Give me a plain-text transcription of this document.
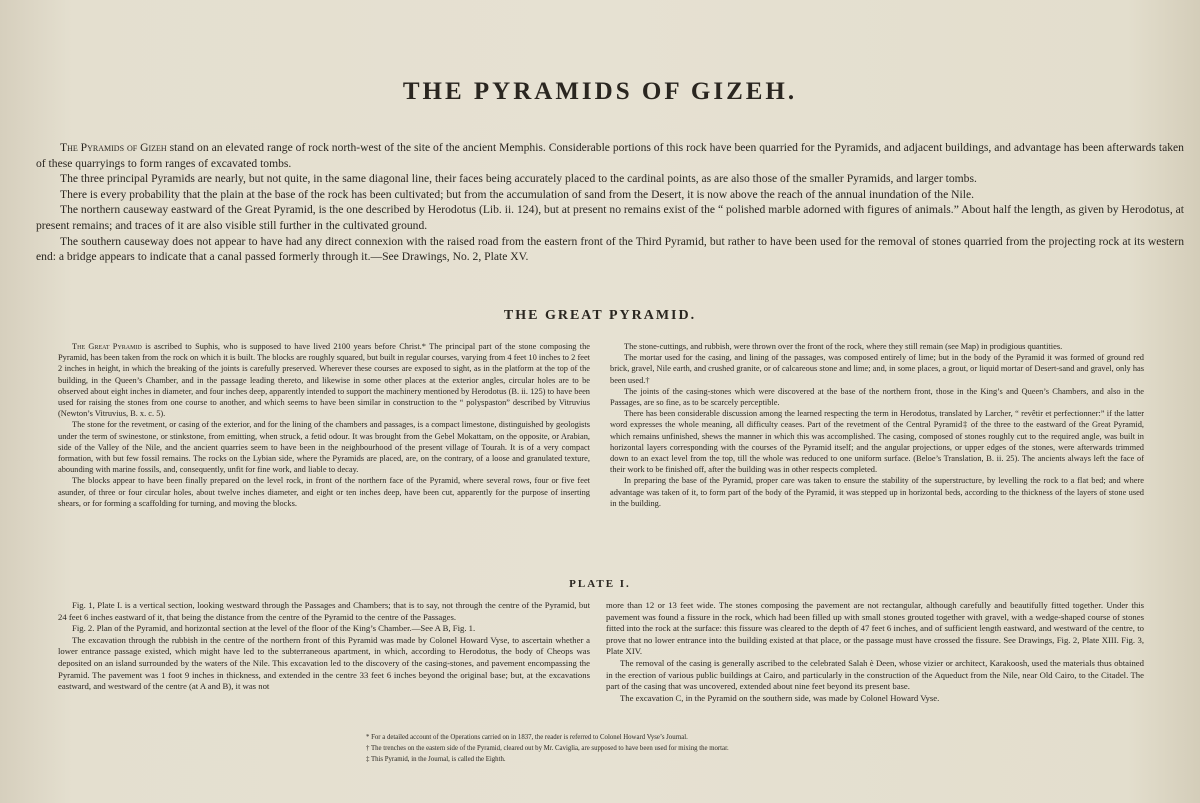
THE PYRAMIDS OF GIZEH.

The Pyramids of Gizeh stand on an elevated range of rock north-west of the site of the ancient Memphis. Considerable portions of this rock have been quarried for the Pyramids, and adjacent buildings, and advantage has been afterwards taken of these quarryings to form ranges of excavated tombs.

The three principal Pyramids are nearly, but not quite, in the same diagonal line, their faces being accurately placed to the cardinal points, as are also those of the smaller Pyramids, and larger tombs.

There is every probability that the plain at the base of the rock has been cultivated; but from the accumulation of sand from the Desert, it is now above the reach of the annual inundation of the Nile.

The northern causeway eastward of the Great Pyramid, is the one described by Herodotus (Lib. ii. 124), but at present no remains exist of the “ polished marble adorned with figures of animals.” About half the length, as given by Herodotus, at present remains; and traces of it are also visible still further in the cultivated ground.

The southern causeway does not appear to have had any direct connexion with the raised road from the eastern front of the Third Pyramid, but rather to have been used for the removal of stones quarried from the projecting rock at its western end: a bridge appears to indicate that a canal passed formerly through it.—See Drawings, No. 2, Plate XV.

THE GREAT PYRAMID.

The Great Pyramid is ascribed to Suphis, who is supposed to have lived 2100 years before Christ.* The principal part of the stone composing the Pyramid, has been taken from the rock on which it is built. The blocks are roughly squared, but built in regular courses, varying from 4 feet 10 inches to 2 feet 2 inches in height, in which the breaking of the joints is carefully preserved. Wherever these courses are exposed to sight, as in the platform at the top of the building, in the Queen’s Chamber, and in the passage leading thereto, and likewise in some other places at the exterior angles, circular holes are to be observed about eight inches in diameter, and four inches deep, apparently intended to support the machinery mentioned by Herodotus (B. ii. 125) to have been used for raising the stones from one course to another, and which seems to have been similar in construction to the “ polyspaston” described by Vitruvius (Newton’s Vitruvius, B. x. c. 5).

The stone for the revetment, or casing of the exterior, and for the lining of the chambers and passages, is a compact limestone, distinguished by geologists under the term of swinestone, or stinkstone, from emitting, when struck, a fetid odour. It was brought from the Gebel Mokattam, on the opposite, or Arabian, side of the Valley of the Nile, and the ancient quarries seem to have been in the neighbourhood of the present village of Tourah. It is of a very compact formation, with but few fossil remains. The rocks on the Lybian side, where the Pyramids are placed, are, on the contrary, of a loose and granulated texture, abounding with marine fossils, and, consequently, unfit for fine work, and liable to decay.

The blocks appear to have been finally prepared on the level rock, in front of the northern face of the Pyramid, where several rows, four or five feet asunder, of three or four circular holes, about twelve inches diameter, and eight or ten inches deep, have been cut, apparently for the purpose of inserting shears, or for forming a scaffolding for turning, and moving the blocks.

The stone-cuttings, and rubbish, were thrown over the front of the rock, where they still remain (see Map) in prodigious quantities.

The mortar used for the casing, and lining of the passages, was composed entirely of lime; but in the body of the Pyramid it was formed of ground red brick, gravel, Nile earth, and crushed granite, or of calcareous stone and lime; and, in some places, a grout, or liquid mortar of Desert-sand and gravel, only has been used.†

The joints of the casing-stones which were discovered at the base of the northern front, those in the King’s and Queen’s Chambers, and also in the Passages, are so fine, as to be scarcely perceptible.

There has been considerable discussion among the learned respecting the term in Herodotus, translated by Larcher, “ revêtir et perfectionner:” if the latter word expresses the whole meaning, all difficulty ceases. Part of the revetment of the Central Pyramid‡ of the three to the eastward of the Great Pyramid, which remains unfinished, shews the manner in which this was accomplished. The casing, composed of stones roughly cut to the required angle, was built in horizontal layers corresponding with the courses of the Pyramid itself; and the angular projections, or upper edges of the stones, were afterwards trimmed down to an exact level from the top, till the whole was reduced to one uniform surface. (Beloe’s Translation, B. ii. 25). The ancients always left the face of their work to be finished off, after the building was in other respects completed.

In preparing the base of the Pyramid, proper care was taken to ensure the stability of the superstructure, by levelling the rock to a flat bed; and where advantage was taken of it, to form part of the body of the Pyramid, it was stepped up in horizontal beds, according to the thickness of the layers of stone used in the building.

PLATE I.

Fig. 1, Plate I. is a vertical section, looking westward through the Passages and Chambers; that is to say, not through the centre of the Pyramid, but 24 feet 6 inches eastward of it, that being the distance from the centre of the Pyramid to the centre of the Passages.

Fig. 2. Plan of the Pyramid, and horizontal section at the level of the floor of the King’s Chamber.—See A B, Fig. 1.

The excavation through the rubbish in the centre of the northern front of this Pyramid was made by Colonel Howard Vyse, to ascertain whether a lower entrance passage existed, which might have led to the subterraneous apartment, in which, according to Herodotus, the body of Cheops was deposited on an island surrounded by the waters of the Nile. This excavation led to the discovery of the casing-stones, and pavement encompassing the Pyramid. The pavement was 1 foot 9 inches in thickness, and extended in the centre 33 feet 6 inches beyond the original base; but, at the excavations eastward, and westward of the centre (at A and B), it was not

more than 12 or 13 feet wide. The stones composing the pavement are not rectangular, although carefully and beautifully fitted together. Under this pavement was found a fissure in the rock, which had been filled up with small stones grouted together with gravel, with a wedge-shaped course of stones fitted into the rock at the surface: this fissure was cleared to the depth of 47 feet 6 inches, and of sufficient length eastward, and westward of the centre, to prove that no lower entrance into the building existed at that place, or the passage must have crossed the fissure. See Drawings, Fig. 2, Plate XIII. Fig. 3, Plate XIV.

The removal of the casing is generally ascribed to the celebrated Salah è Deen, whose vizier or architect, Karakoosh, used the materials thus obtained in the erection of various public buildings at Cairo, and particularly in the construction of the Aqueduct from the Nile, near Old Cairo, to the Citadel. The part of the casing that was uncovered, extended about nine feet beyond its present base.

The excavation C, in the Pyramid on the southern side, was made by Colonel Howard Vyse.

* For a detailed account of the Operations carried on in 1837, the reader is referred to Colonel Howard Vyse’s Journal.
† The trenches on the eastern side of the Pyramid, cleared out by Mr. Caviglia, are supposed to have been used for mixing the mortar.
‡ This Pyramid, in the Journal, is called the Eighth.
